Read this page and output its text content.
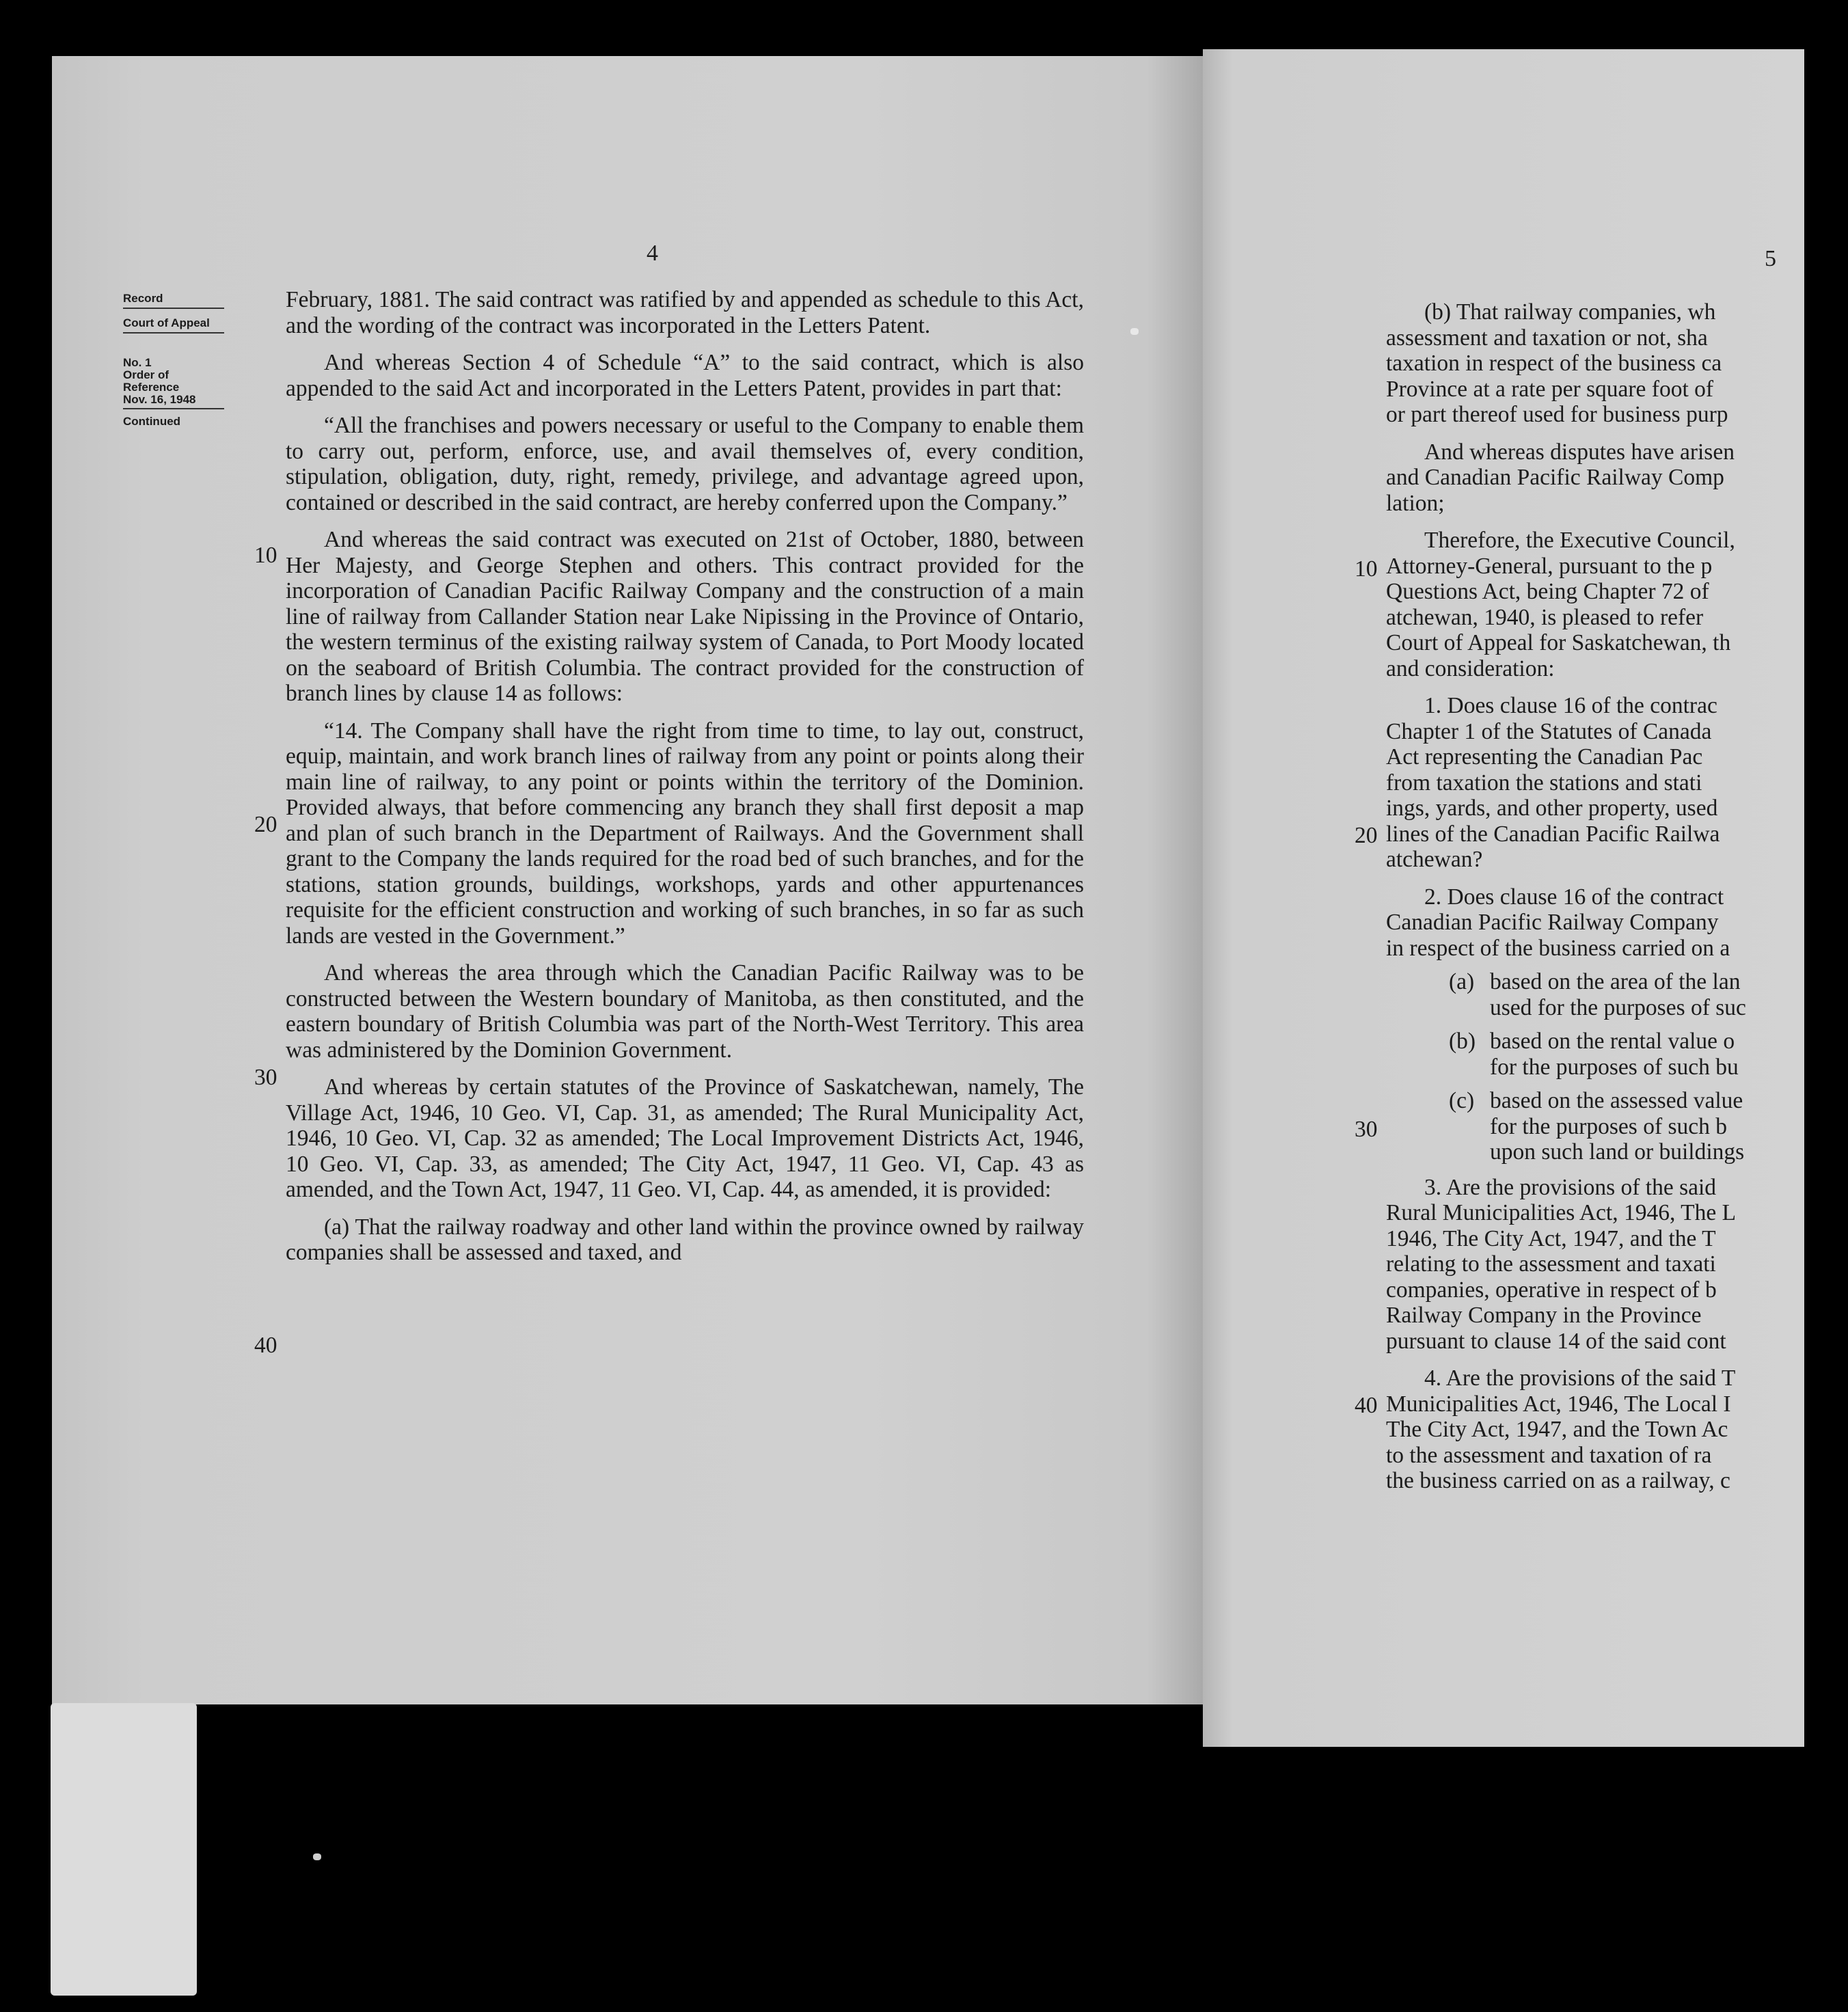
4
Record
Court of Appeal
No. 1
Order of
Reference
Nov. 16, 1948
Continued
10
20
30
40

February, 1881. The said contract was ratified by and appended as schedule to this Act, and the wording of the contract was incorporated in the Letters Patent.

And whereas Section 4 of Schedule “A” to the said contract, which is also appended to the said Act and incorporated in the Letters Patent, provides in part that:

“All the franchises and powers necessary or useful to the Company to enable them to carry out, perform, enforce, use, and avail themselves of, every condition, stipulation, obligation, duty, right, remedy, privilege, and advantage agreed upon, contained or described in the said contract, are hereby conferred upon the Company.”

And whereas the said contract was executed on 21st of October, 1880, between Her Majesty, and George Stephen and others. This contract provided for the incorporation of Canadian Pacific Railway Company and the construction of a main line of railway from Callander Station near Lake Nipissing in the Province of Ontario, the western terminus of the existing railway system of Canada, to Port Moody located on the seaboard of British Columbia. The contract provided for the construction of branch lines by clause 14 as follows:

“14. The Company shall have the right from time to time, to lay out, construct, equip, maintain, and work branch lines of railway from any point or points along their main line of railway, to any point or points within the territory of the Dominion. Provided always, that before commencing any branch they shall first deposit a map and plan of such branch in the Department of Railways. And the Government shall grant to the Company the lands required for the road bed of such branches, and for the stations, station grounds, buildings, workshops, yards and other appurtenances requisite for the efficient construction and working of such branches, in so far as such lands are vested in the Government.”

And whereas the area through which the Canadian Pacific Railway was to be constructed between the Western boundary of Manitoba, as then constituted, and the eastern boundary of British Columbia was part of the North-West Territory. This area was administered by the Dominion Government.

And whereas by certain statutes of the Province of Saskatchewan, namely, The Village Act, 1946, 10 Geo. VI, Cap. 31, as amended; The Rural Municipality Act, 1946, 10 Geo. VI, Cap. 32 as amended; The Local Improvement Districts Act, 1946, 10 Geo. VI, Cap. 33, as amended; The City Act, 1947, 11 Geo. VI, Cap. 43 as amended, and the Town Act, 1947, 11 Geo. VI, Cap. 44, as amended, it is provided:

(a) That the railway roadway and other land within the province owned by railway companies shall be assessed and taxed, and

5
10
20
30
40
(b) That railway companies, wh
assessment and taxation or not, sha
taxation in respect of the business ca
Province at a rate per square foot of
or part thereof used for business purp
And whereas disputes have arisen
and Canadian Pacific Railway Comp
lation;
Therefore, the Executive Council,
Attorney-General, pursuant to the p
Questions Act, being Chapter 72 of
atchewan, 1940, is pleased to refer
Court of Appeal for Saskatchewan, th
and consideration:
1. Does clause 16 of the contrac
Chapter 1 of the Statutes of Canada
Act representing the Canadian Pac
from taxation the stations and stati
ings, yards, and other property, used
lines of the Canadian Pacific Railwa
atchewan?
2. Does clause 16 of the contract
Canadian Pacific Railway Company
in respect of the business carried on a
(a) based on the area of the lan
used for the purposes of suc
(b) based on the rental value o
for the purposes of such bu
(c) based on the assessed value
for the purposes of such b
upon such land or buildings
3. Are the provisions of the said
Rural Municipalities Act, 1946, The L
1946, The City Act, 1947, and the T
relating to the assessment and taxati
companies, operative in respect of b
Railway Company in the Province
pursuant to clause 14 of the said cont
4. Are the provisions of the said T
Municipalities Act, 1946, The Local I
The City Act, 1947, and the Town Ac
to the assessment and taxation of ra
the business carried on as a railway, c
